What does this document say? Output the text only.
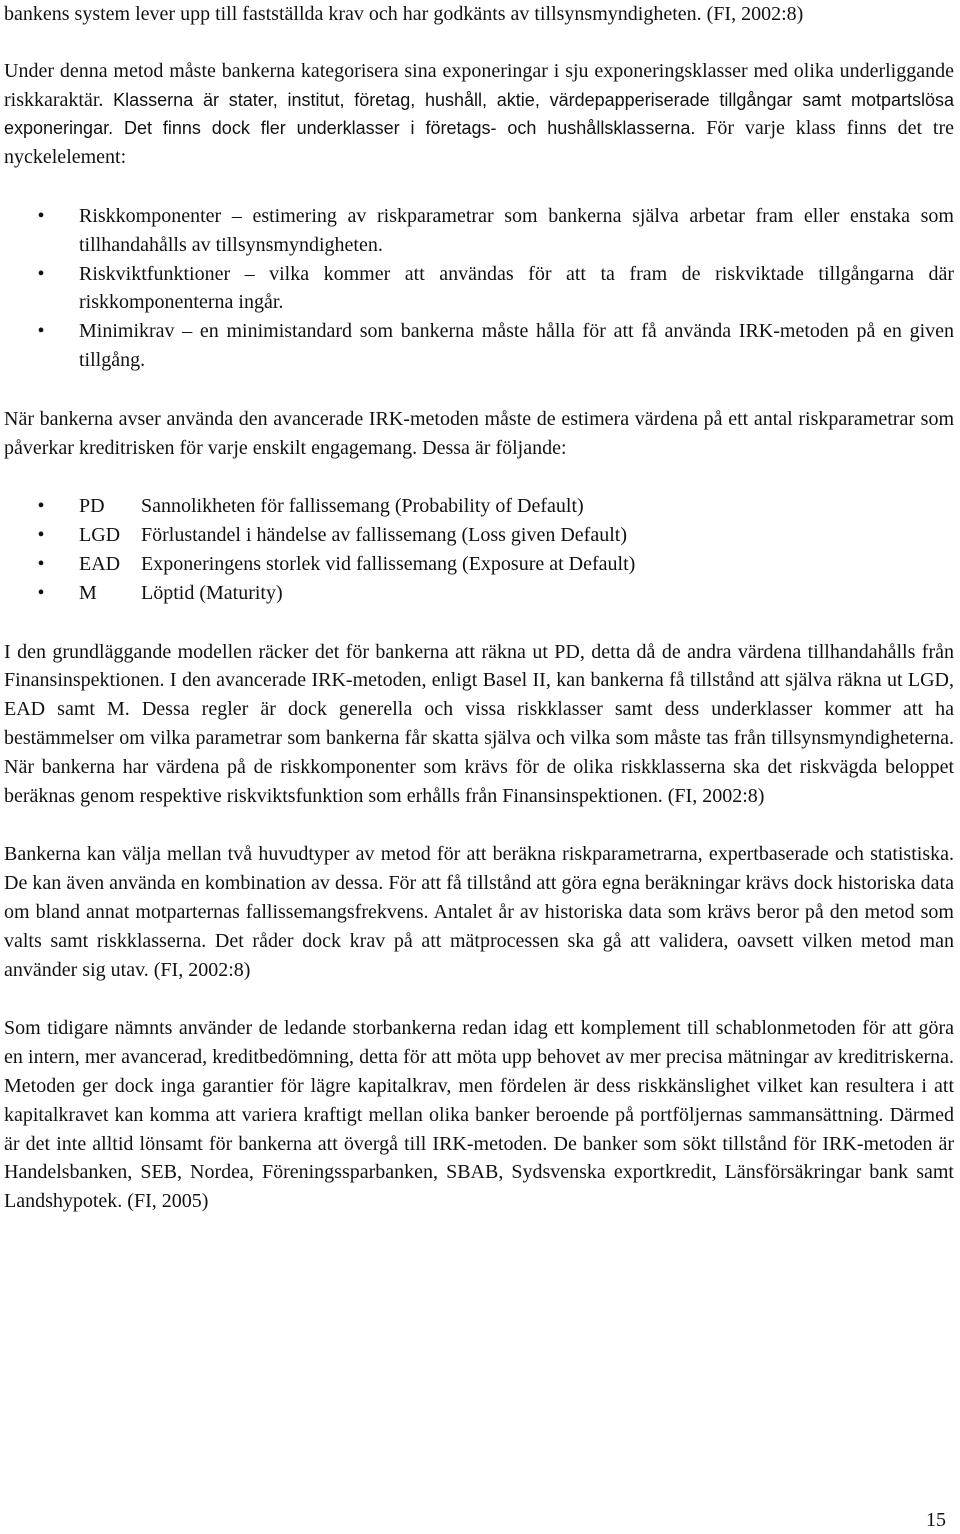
bankens system lever upp till fastställda krav och har godkänts av tillsynsmyndigheten. (FI, 2002:8)

Under denna metod måste bankerna kategorisera sina exponeringar i sju exponeringsklasser med olika underliggande riskkaraktär. Klasserna är stater, institut, företag, hushåll, aktie, värdepapperiserade tillgångar samt motpartslösa exponeringar. Det finns dock fler underklasser i företags- och hushållsklasserna. För varje klass finns det tre nyckelelement:

•	Riskkomponenter – estimering av riskparametrar som bankerna själva arbetar fram eller enstaka som tillhandahålls av tillsynsmyndigheten.
•	Riskviktfunktioner – vilka kommer att användas för att ta fram de riskviktade tillgångarna där riskkomponenterna ingår.
•	Minimikrav – en minimistandard som bankerna måste hålla för att få använda IRK-metoden på en given tillgång.

När bankerna avser använda den avancerade IRK-metoden måste de estimera värdena på ett antal riskparametrar som påverkar kreditrisken för varje enskilt engagemang. Dessa är följande:

•	PD Sannolikheten för fallissemang (Probability of Default)
•	LGD Förlustandel i händelse av fallissemang (Loss given Default)
•	EAD Exponeringens storlek vid fallissemang (Exposure at Default)
•	M Löptid (Maturity)

I den grundläggande modellen räcker det för bankerna att räkna ut PD, detta då de andra värdena tillhandahålls från Finansinspektionen. I den avancerade IRK-metoden, enligt Basel II, kan bankerna få tillstånd att själva räkna ut LGD, EAD samt M. Dessa regler är dock generella och vissa riskklasser samt dess underklasser kommer att ha bestämmelser om vilka parametrar som bankerna får skatta själva och vilka som måste tas från tillsynsmyndigheterna. När bankerna har värdena på de riskkomponenter som krävs för de olika riskklasserna ska det riskvägda beloppet beräknas genom respektive riskviktsfunktion som erhålls från Finansinspektionen. (FI, 2002:8)

Bankerna kan välja mellan två huvudtyper av metod för att beräkna riskparametrarna, expertbaserade och statistiska. De kan även använda en kombination av dessa. För att få tillstånd att göra egna beräkningar krävs dock historiska data om bland annat motparternas fallissemangsfrekvens. Antalet år av historiska data som krävs beror på den metod som valts samt riskklasserna. Det råder dock krav på att mätprocessen ska gå att validera, oavsett vilken metod man använder sig utav. (FI, 2002:8)

Som tidigare nämnts använder de ledande storbankerna redan idag ett komplement till schablonmetoden för att göra en intern, mer avancerad, kreditbedömning, detta för att möta upp behovet av mer precisa mätningar av kreditriskerna. Metoden ger dock inga garantier för lägre kapitalkrav, men fördelen är dess riskkänslighet vilket kan resultera i att kapitalkravet kan komma att variera kraftigt mellan olika banker beroende på portföljernas sammansättning. Därmed är det inte alltid lönsamt för bankerna att övergå till IRK-metoden. De banker som sökt tillstånd för IRK-metoden är Handelsbanken, SEB, Nordea, Föreningssparbanken, SBAB, Sydsvenska exportkredit, Länsförsäkringar bank samt Landshypotek. (FI, 2005)

15
